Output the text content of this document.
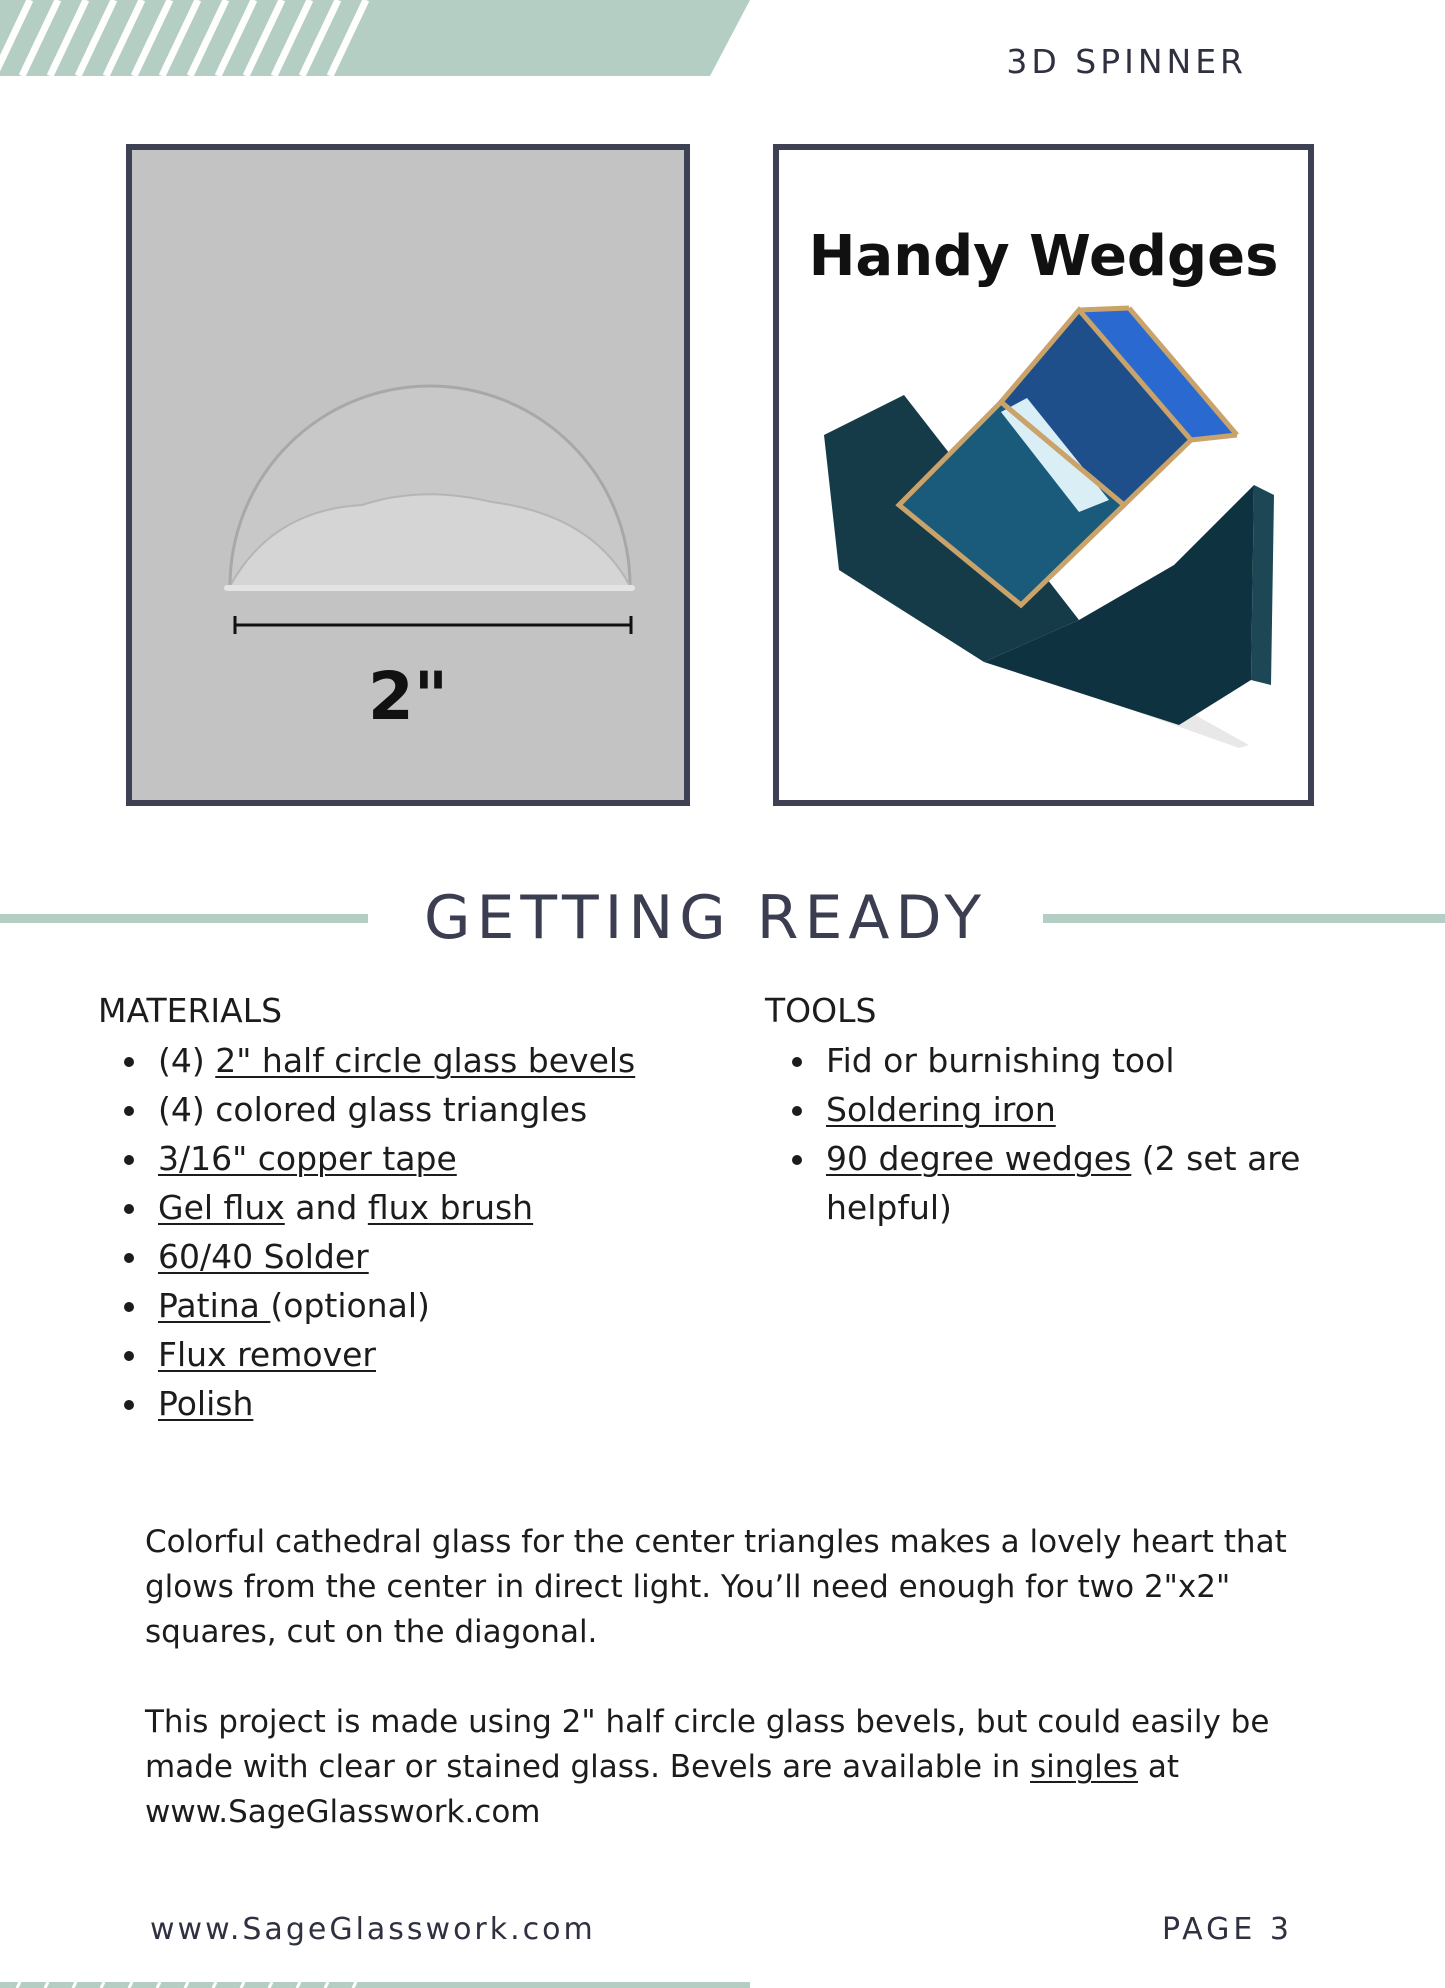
3D SPINNER
2"
Handy Wedges
GETTING READY
MATERIALS
(4) 2" half circle glass bevels
(4) colored glass triangles
3/16" copper tape
Gel flux and flux brush
60/40 Solder
Patina (optional)
Flux remover
Polish
TOOLS
Fid or burnishing tool
Soldering iron
90 degree wedges (2 set are helpful)

Colorful cathedral glass for the center triangles makes a lovely heart that glows from the center in direct light. You’ll need enough for two 2"x2" squares, cut on the diagonal.

This project is made using 2" half circle glass bevels, but could easily be made with clear or stained glass. Bevels are available in singles at www.SageGlasswork.com

www.SageGlasswork.com	PAGE 3
